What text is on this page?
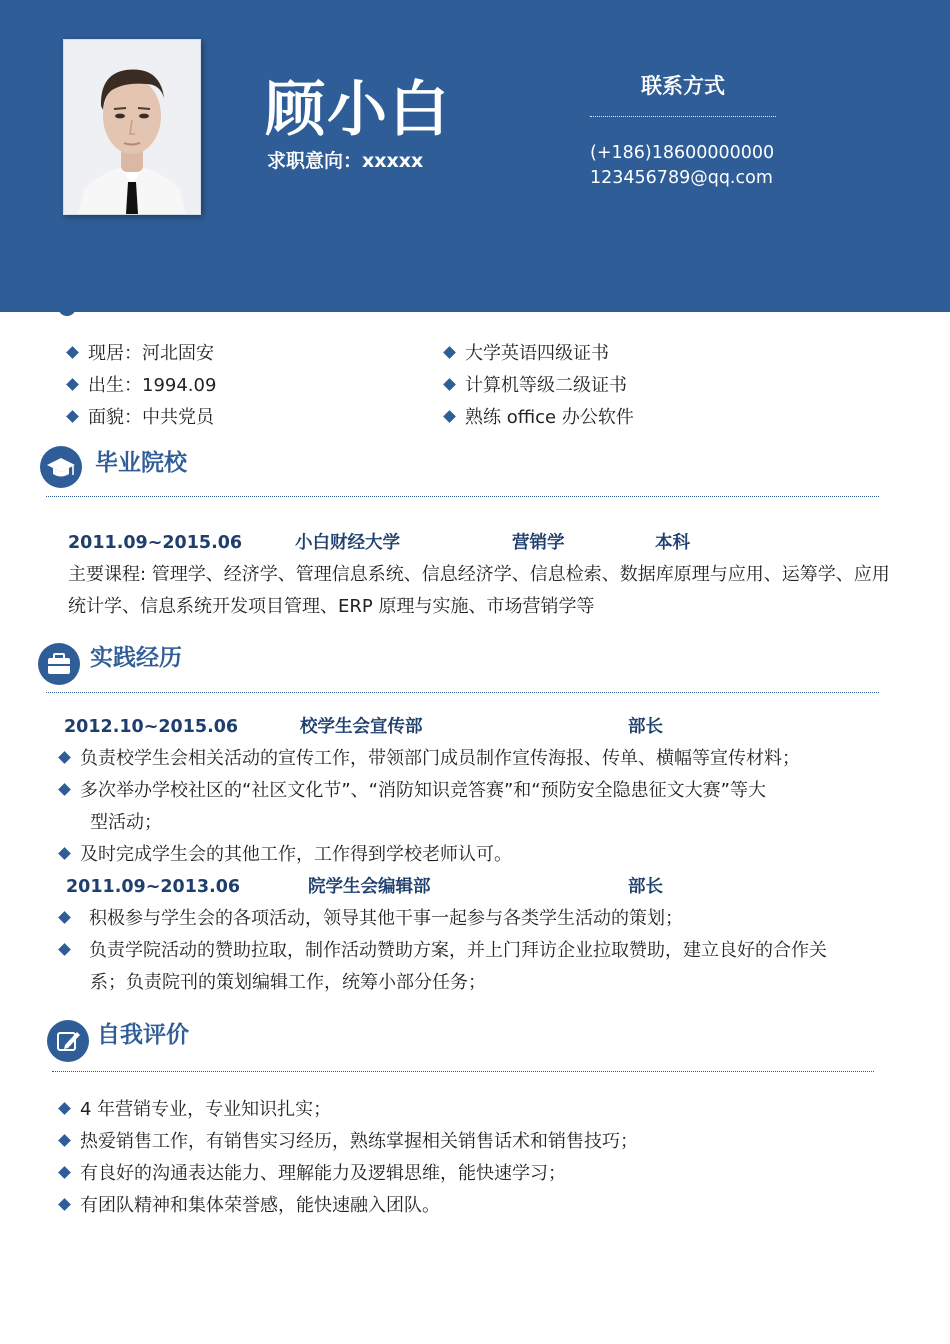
顾小白
求职意向：xxxxx
联系方式
(+186)18600000000
123456789@qq.com
现居：河北固安
出生：1994.09
面貌：中共党员
大学英语四级证书
计算机等级二级证书
熟练 office 办公软件
毕业院校
2011.09~2015.06	小白财经大学	营销学	本科
主要课程: 管理学、经济学、管理信息系统、信息经济学、信息检索、数据库原理与应用、运筹学、应用
统计学、信息系统开发项目管理、ERP 原理与实施、市场营销学等
实践经历
2012.10~2015.06	校学生会宣传部	部长
负责校学生会相关活动的宣传工作，带领部门成员制作宣传海报、传单、横幅等宣传材料；
多次举办学校社区的“社区文化节”、“消防知识竞答赛”和“预防安全隐患征文大赛”等大
型活动；
及时完成学生会的其他工作，工作得到学校老师认可。
2011.09~2013.06	院学生会编辑部	部长
积极参与学生会的各项活动，领导其他干事一起参与各类学生活动的策划；
负责学院活动的赞助拉取，制作活动赞助方案，并上门拜访企业拉取赞助，建立良好的合作关
系；负责院刊的策划编辑工作，统筹小部分任务；
自我评价
4 年营销专业，专业知识扎实；
热爱销售工作，有销售实习经历，熟练掌握相关销售话术和销售技巧；
有良好的沟通表达能力、理解能力及逻辑思维，能快速学习；
有团队精神和集体荣誉感，能快速融入团队。
